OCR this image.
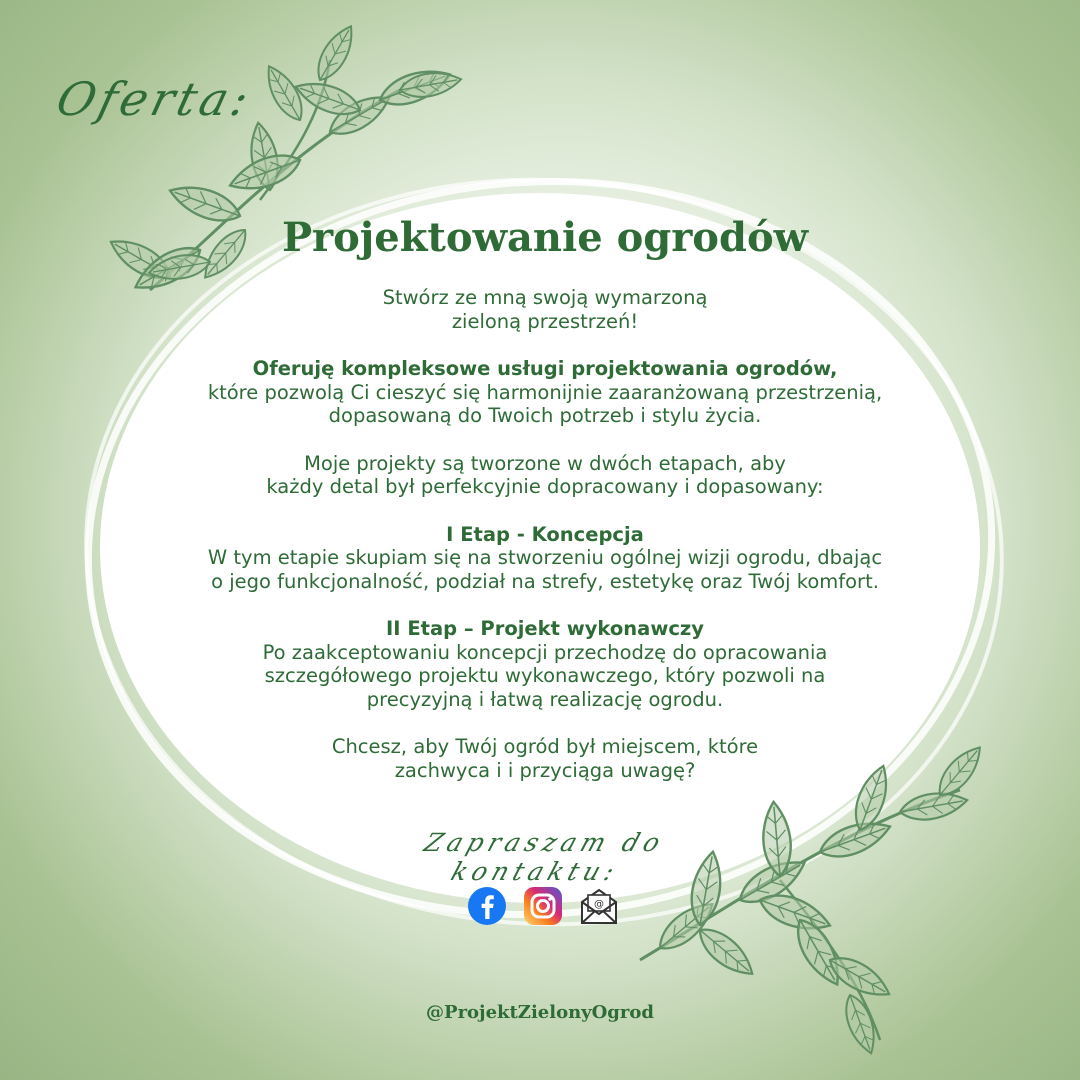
Oferta:
Projektowanie ogrodów

Stwórz ze mną swoją wymarzoną
zieloną przestrzeń!

Oferuję kompleksowe usługi projektowania ogrodów,
które pozwolą Ci cieszyć się harmonijnie zaaranżowaną przestrzenią,
dopasowaną do Twoich potrzeb i stylu życia.

Moje projekty są tworzone w dwóch etapach, aby
każdy detal był perfekcyjnie dopracowany i dopasowany:

I Etap - Koncepcja
W tym etapie skupiam się na stworzeniu ogólnej wizji ogrodu, dbając
o jego funkcjonalność, podział na strefy, estetykę oraz Twój komfort.

II Etap – Projekt wykonawczy
Po zaakceptowaniu koncepcji przechodzę do opracowania
szczegółowego projektu wykonawczego, który pozwoli na
precyzyjną i łatwą realizację ogrodu.

Chcesz, aby Twój ogród był miejscem, które
zachwyca i i przyciąga uwagę?

Zapraszam do kontaktu:
@
@ProjektZielonyOgrod
